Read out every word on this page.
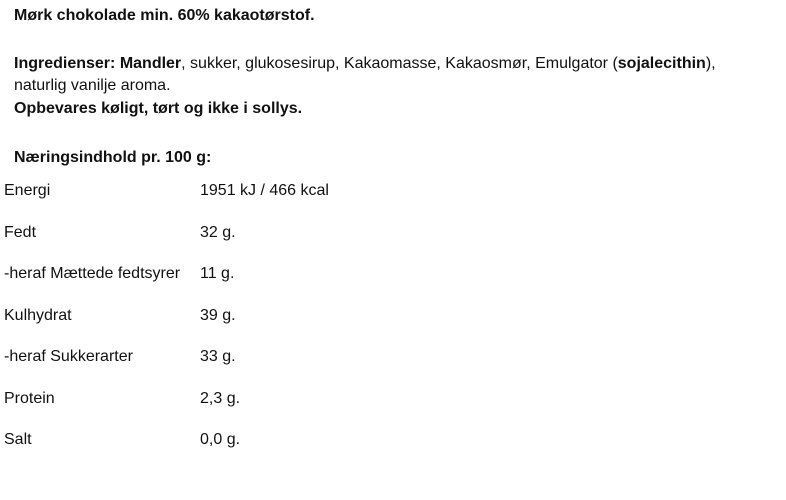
Mørk chokolade min. 60% kakaotørstof.
Ingredienser: Mandler, sukker, glukosesirup, Kakaomasse, Kakaosmør, Emulgator (sojalecithin),
naturlig vanilje aroma.
Opbevares køligt, tørt og ikke i sollys.
Næringsindhold pr. 100 g:
Energi	1951 kJ / 466 kcal
Fedt	32 g.
-heraf Mættede fedtsyrer 11 g.
Kulhydrat	39 g.
-heraf Sukkerarter	33 g.
Protein	2,3 g.
Salt	0,0 g.
